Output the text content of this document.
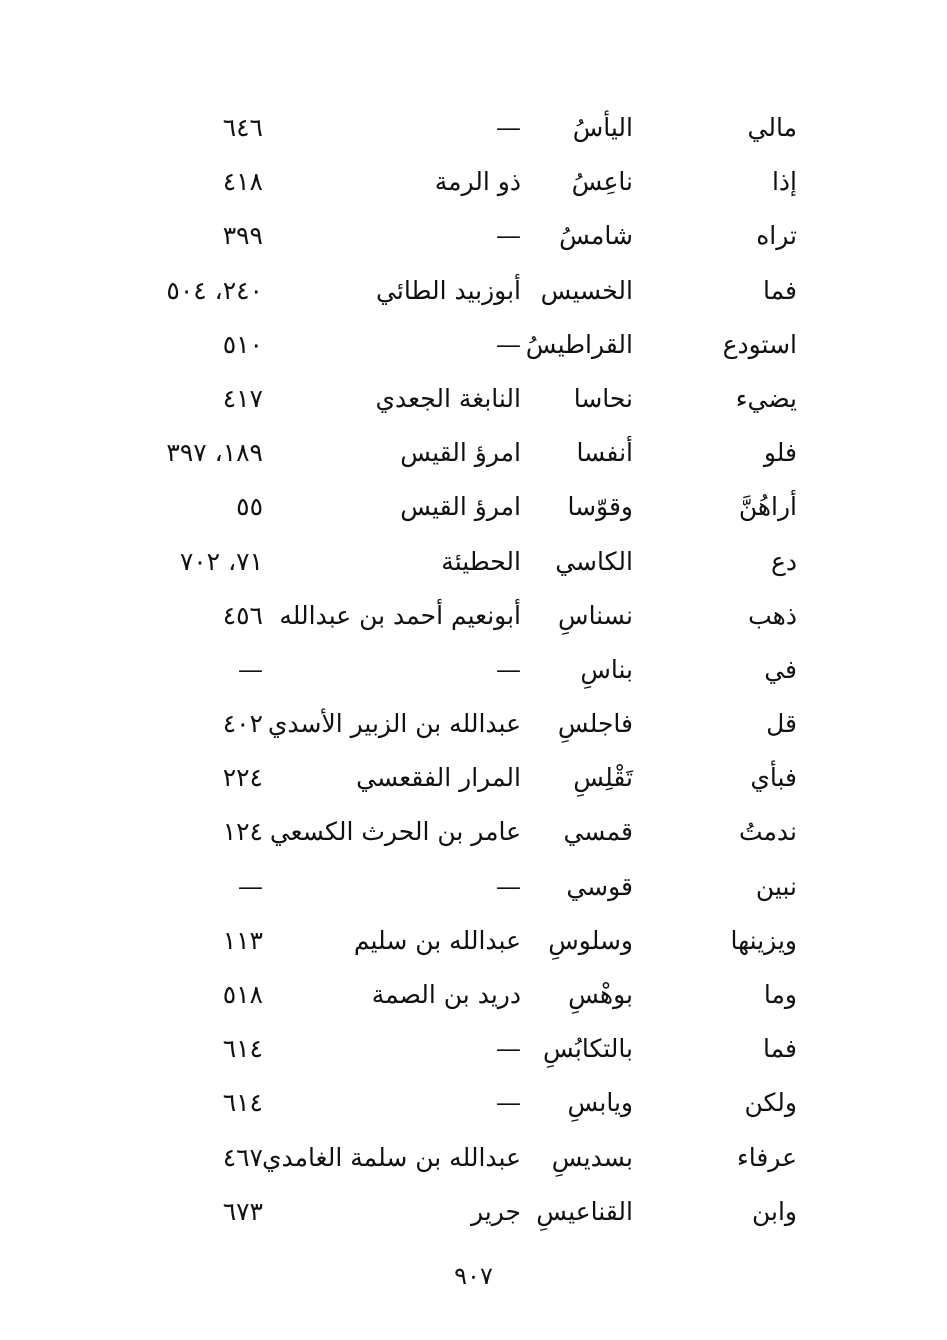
مالي
اليأسُ
—
٦٤٦
إذا
ناعِسُ
ذو الرمة
٤١٨
تراه
شامسُ
—
٣٩٩
فما
الخسيس
أبوزبيد الطائي
٢٤٠، ٥٠٤
استودع
القراطيسُ
—
٥١٠
يضيء
نحاسا
النابغة الجعدي
٤١٧
فلو
أنفسا
امرؤ القيس
١٨٩، ٣٩٧
أراهُنَّ
وقوّسا
امرؤ القيس
٥٥
دع
الكاسي
الحطيئة
٧١، ٧٠٢
ذهب
نسناسِ
أبونعيم أحمد بن عبدالله
٤٥٦
في
بناسِ
—
—
قل
فاجلسِ
عبدالله بن الزبير الأسدي
٤٠٢
فبأي
تَقْلِسِ
المرار الفقعسي
٢٢٤
ندمتُ
قمسي
عامر بن الحرث الكسعي
١٢٤
نبين
قوسي
—
—
ويزينها
وسلوسِ
عبدالله بن سليم
١١٣
وما
بوهْسِ
دريد بن الصمة
٥١٨
فما
بالتكابُسِ
—
٦١٤
ولكن
ويابسِ
—
٦١٤
عرفاء
بسديسِ
عبدالله بن سلمة الغامدي
٤٦٧
وابن
القناعيسِ
جرير
٦٧٣
٩٠٧
